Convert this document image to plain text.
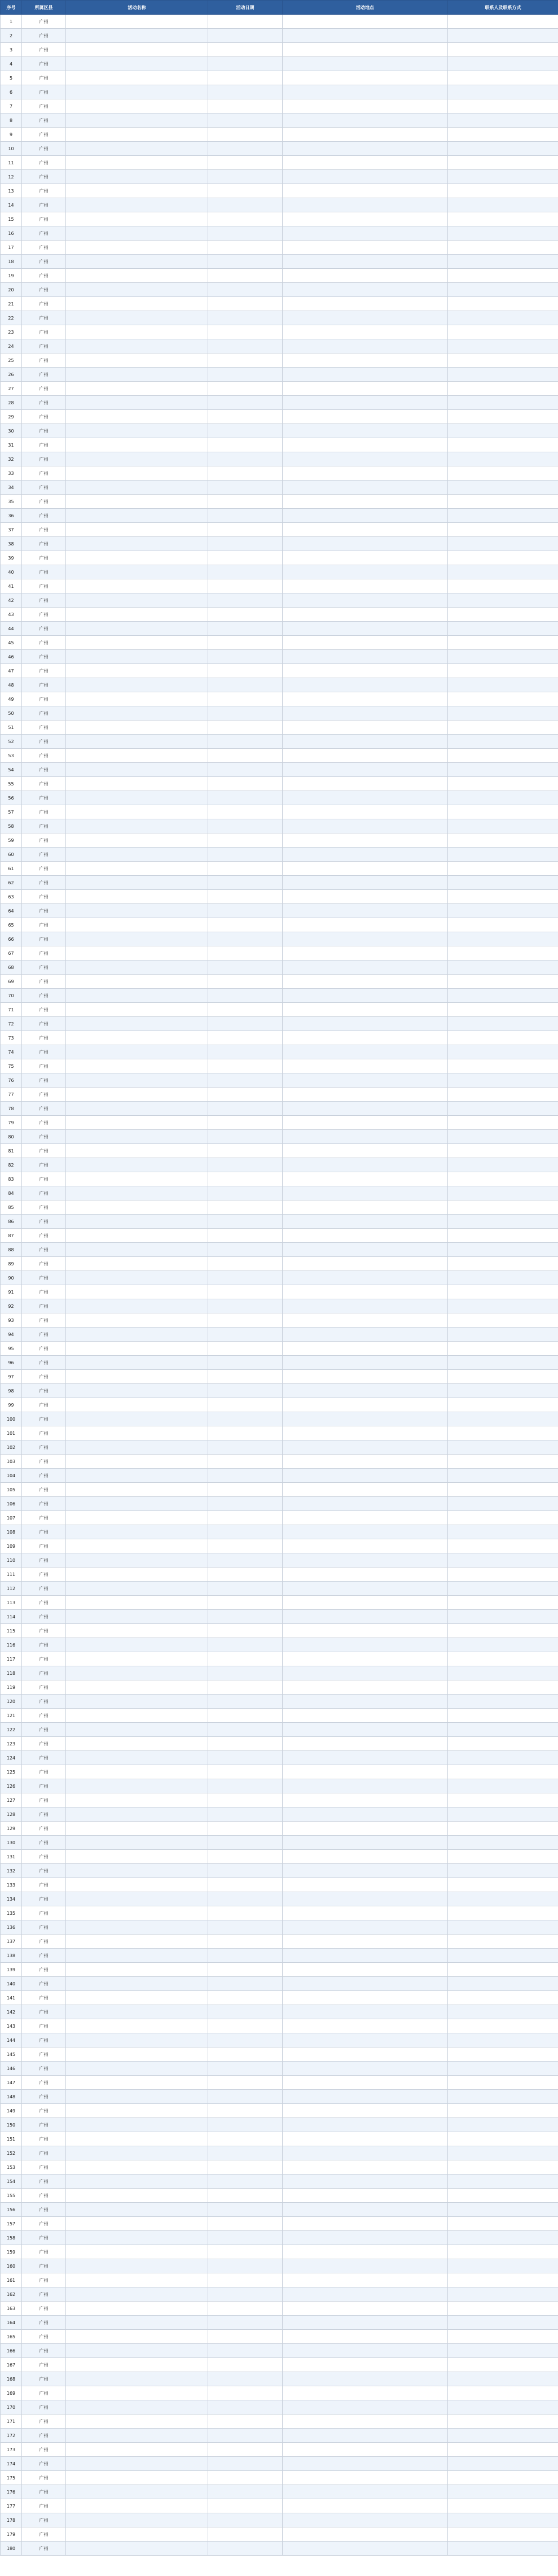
序号	所属区县	活动名称	活动日期	活动地点	联系人及联系方式
1	广州				
2	广州				
3	广州				
4	广州				
5	广州				
6	广州				
7	广州				
8	广州				
9	广州				
10	广州				
11	广州				
12	广州				
13	广州				
14	广州				
15	广州				
16	广州				
17	广州				
18	广州				
19	广州				
20	广州				
21	广州				
22	广州				
23	广州				
24	广州				
25	广州				
26	广州				
27	广州				
28	广州				
29	广州				
30	广州				
31	广州				
32	广州				
33	广州				
34	广州				
35	广州				
36	广州				
37	广州				
38	广州				
39	广州				
40	广州				
41	广州				
42	广州				
43	广州				
44	广州				
45	广州				
46	广州				
47	广州				
48	广州				
49	广州				
50	广州				
51	广州				
52	广州				
53	广州				
54	广州				
55	广州				
56	广州				
57	广州				
58	广州				
59	广州				
60	广州				
61	广州				
62	广州				
63	广州				
64	广州				
65	广州				
66	广州				
67	广州				
68	广州				
69	广州				
70	广州				
71	广州				
72	广州				
73	广州				
74	广州				
75	广州				
76	广州				
77	广州				
78	广州				
79	广州				
80	广州				
81	广州				
82	广州				
83	广州				
84	广州				
85	广州				
86	广州				
87	广州				
88	广州				
89	广州				
90	广州				
91	广州				
92	广州				
93	广州				
94	广州				
95	广州				
96	广州				
97	广州				
98	广州				
99	广州				
100	广州				
101	广州				
102	广州				
103	广州				
104	广州				
105	广州				
106	广州				
107	广州				
108	广州				
109	广州				
110	广州				
111	广州				
112	广州				
113	广州				
114	广州				
115	广州				
116	广州				
117	广州				
118	广州				
119	广州				
120	广州				
121	广州				
122	广州				
123	广州				
124	广州				
125	广州				
126	广州				
127	广州				
128	广州				
129	广州				
130	广州				
131	广州				
132	广州				
133	广州				
134	广州				
135	广州				
136	广州				
137	广州				
138	广州				
139	广州				
140	广州				
141	广州				
142	广州				
143	广州				
144	广州				
145	广州				
146	广州				
147	广州				
148	广州				
149	广州				
150	广州				
151	广州				
152	广州				
153	广州				
154	广州				
155	广州				
156	广州				
157	广州				
158	广州				
159	广州				
160	广州				
161	广州				
162	广州				
163	广州				
164	广州				
165	广州				
166	广州				
167	广州				
168	广州				
169	广州				
170	广州				
171	广州				
172	广州				
173	广州				
174	广州				
175	广州				
176	广州				
177	广州				
178	广州				
179	广州				
180	广州				
